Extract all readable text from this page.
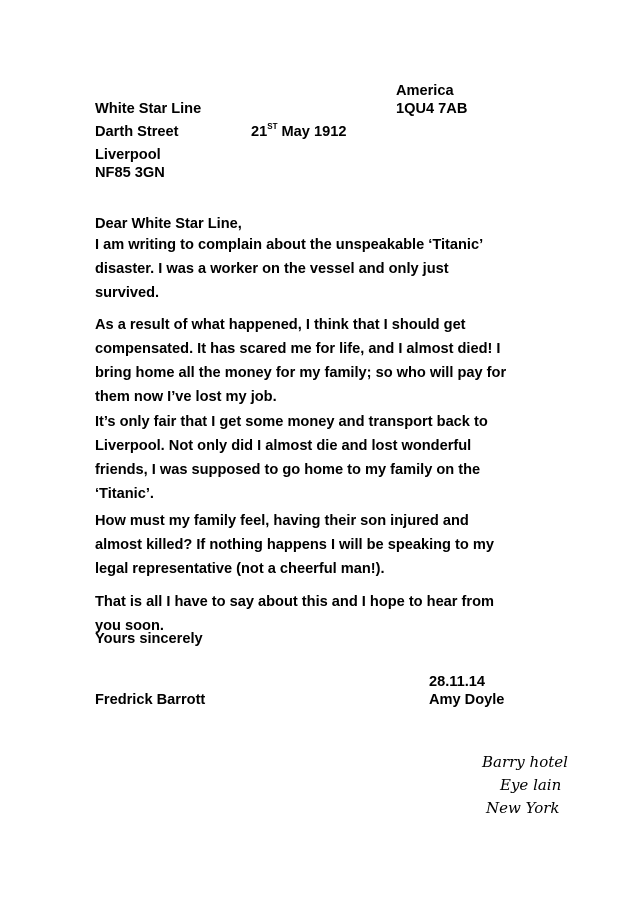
America
1QU4 7AB
White Star Line
Darth Street
Liverpool
NF85 3GN
21ST May 1912
Dear White Star Line,
I am writing to complain about the unspeakable ‘Titanic’
disaster. I was a worker on the vessel and only just
survived.
As a result of what happened, I think that I should get
compensated. It has scared me for life, and I almost died! I
bring home all the money for my family; so who will pay for
them now I’ve lost my job.
It’s only fair that I get some money and transport back to
Liverpool. Not only did I almost die and lost wonderful
friends, I was supposed to go home to my family on the
‘Titanic’.
How must my family feel, having their son injured and
almost killed? If nothing happens I will be speaking to my
legal representative (not a cheerful man!).
That is all I have to say about this and I hope to hear from
you soon.
Yours sincerely
28.11.14
Fredrick Barrott	Amy Doyle
Barry hotel
Eye lain
New York
